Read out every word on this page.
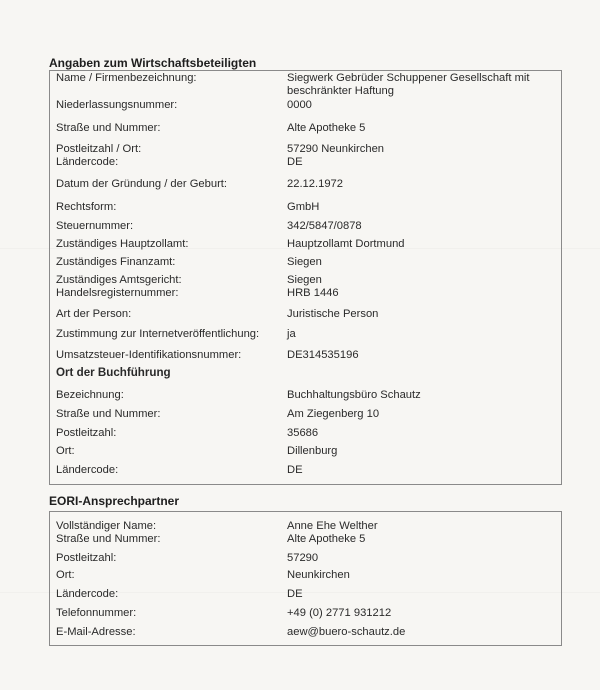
Angaben zum Wirtschaftsbeteiligten
Name / Firmenbezeichnung:	Siegwerk Gebrüder Schuppener Gesellschaft mit beschränkter Haftung
Niederlassungsnummer:	0000
Straße und Nummer:	Alte Apotheke 5
Postleitzahl / Ort:	57290 Neunkirchen
Ländercode:	DE
Datum der Gründung / der Geburt:	22.12.1972
Rechtsform:	GmbH
Steuernummer:	342/5847/0878
Zuständiges Hauptzollamt:	Hauptzollamt Dortmund
Zuständiges Finanzamt:	Siegen
Zuständiges Amtsgericht:	Siegen
Handelsregisternummer:	HRB 1446
Art der Person:	Juristische Person
Zustimmung zur Internetveröffentlichung:	ja
Umsatzsteuer-Identifikationsnummer:	DE314535196
Ort der Buchführung
Bezeichnung:	Buchhaltungsbüro Schautz
Straße und Nummer:	Am Ziegenberg 10
Postleitzahl:	35686
Ort:	Dillenburg
Ländercode:	DE
EORI-Ansprechpartner
Vollständiger Name:	Anne Ehe Welther
Straße und Nummer:	Alte Apotheke 5
Postleitzahl:	57290
Ort:	Neunkirchen
Ländercode:	DE
Telefonnummer:	+49 (0) 2771 931212
E-Mail-Adresse:	aew@buero-schautz.de
